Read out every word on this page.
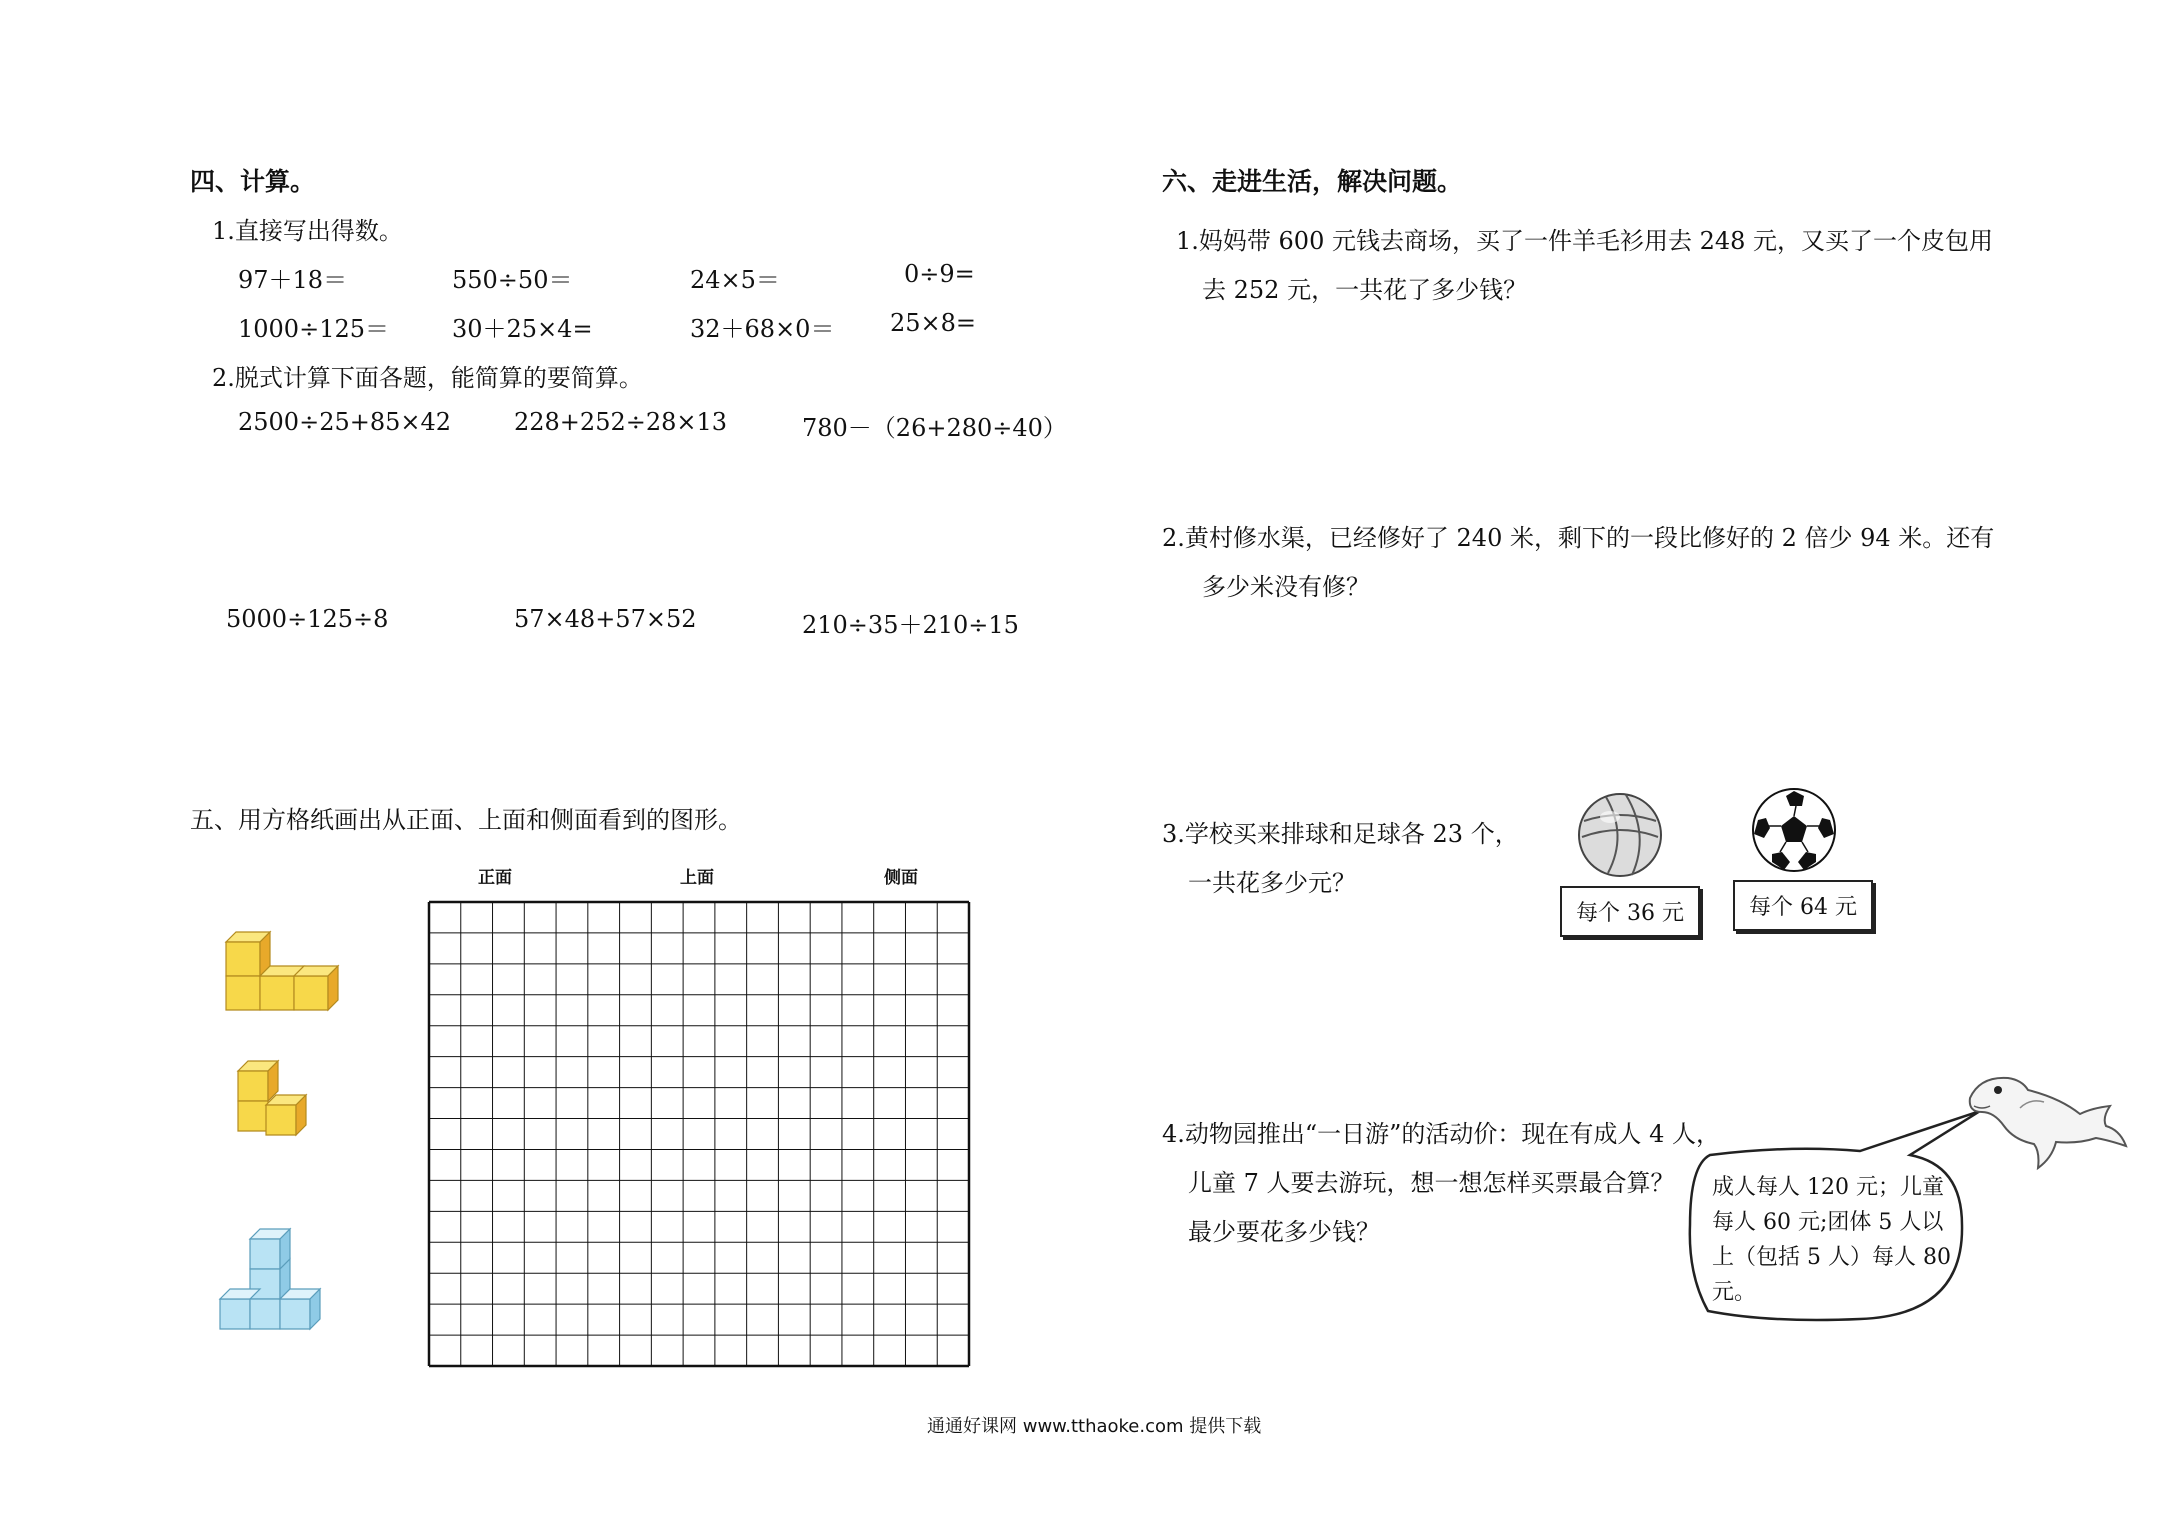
四、计算。
1.直接写出得数。
97＋18＝	550÷50＝	24×5＝	0÷9=
1000÷125＝	30＋25×4=	32＋68×0＝ 25×8=
2.脱式计算下面各题，能简算的要简算。
2500÷25+85×42	228+252÷28×13	780－（26+280÷40）
5000÷125÷8	57×48+57×52	210÷35＋210÷15
五、用方格纸画出从正面、上面和侧面看到的图形。
正面	上面	侧面
六、走进生活，解决问题。
1.妈妈带 600 元钱去商场，买了一件羊毛衫用去 248 元，又买了一个皮包用
去 252 元，一共花了多少钱？
2.黄村修水渠，已经修好了 240 米，剩下的一段比修好的 2 倍少 94 米。还有
多少米没有修？
3.学校买来排球和足球各 23 个，
一共花多少元？
每个 36 元	每个 64 元
4.动物园推出“一日游”的活动价：现在有成人 4 人，
儿童 7 人要去游玩，想一想怎样买票最合算？
最少要花多少钱？
成人每人 120 元；儿童每人 60 元;团体 5 人以上（包括 5 人）每人 80 元。
通通好课网 www.tthaoke.com 提供下载
